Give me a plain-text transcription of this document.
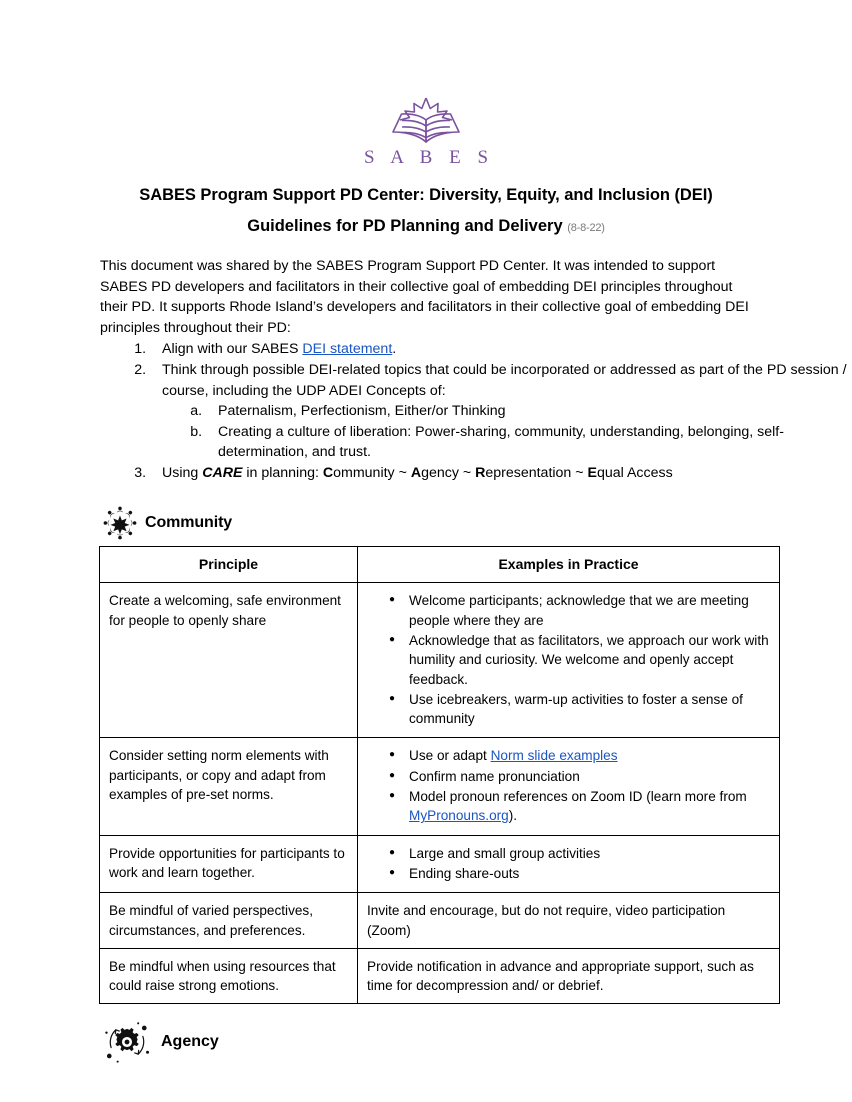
S A B E S
SABES Program Support PD Center: Diversity, Equity, and Inclusion (DEI)
Guidelines for PD Planning and Delivery (8-8-22)

This document was shared by the SABES Program Support PD Center. It was intended to support SABES PD developers and facilitators in their collective goal of embedding DEI principles throughout their PD. It supports Rhode Island’s developers and facilitators in their collective goal of embedding DEI principles throughout their PD:

1. Align with our SABES DEI statement.
2. Think through possible DEI-related topics that could be incorporated or addressed as part of the PD session / course, including the UDP ADEI Concepts of:
a. Paternalism, Perfectionism, Either/or Thinking
b. Creating a culture of liberation: Power-sharing, community, understanding, belonging, self-determination, and trust.
3. Using CARE in planning: Community ~ Agency ~ Representation ~ Equal Access
Community
Principle	Examples in Practice
Create a welcoming, safe environment for people to openly share	
● Welcome participants; acknowledge that we are meeting people where they are
● Acknowledge that as facilitators, we approach our work with humility and curiosity. We welcome and openly accept feedback.
● Use icebreakers, warm-up activities to foster a sense of community

Consider setting norm elements with participants, or copy and adapt from examples of pre-set norms.	
● Use or adapt Norm slide examples
● Confirm name pronunciation
● Model pronoun references on Zoom ID (learn more from MyPronouns.org).

Provide opportunities for participants to work and learn together.	
● Large and small group activities
● Ending share-outs

Be mindful of varied perspectives, circumstances, and preferences.	Invite and encourage, but do not require, video participation (Zoom)
Be mindful when using resources that could raise strong emotions.	Provide notification in advance and appropriate support, such as time for decompression and/ or debrief.
Agency
